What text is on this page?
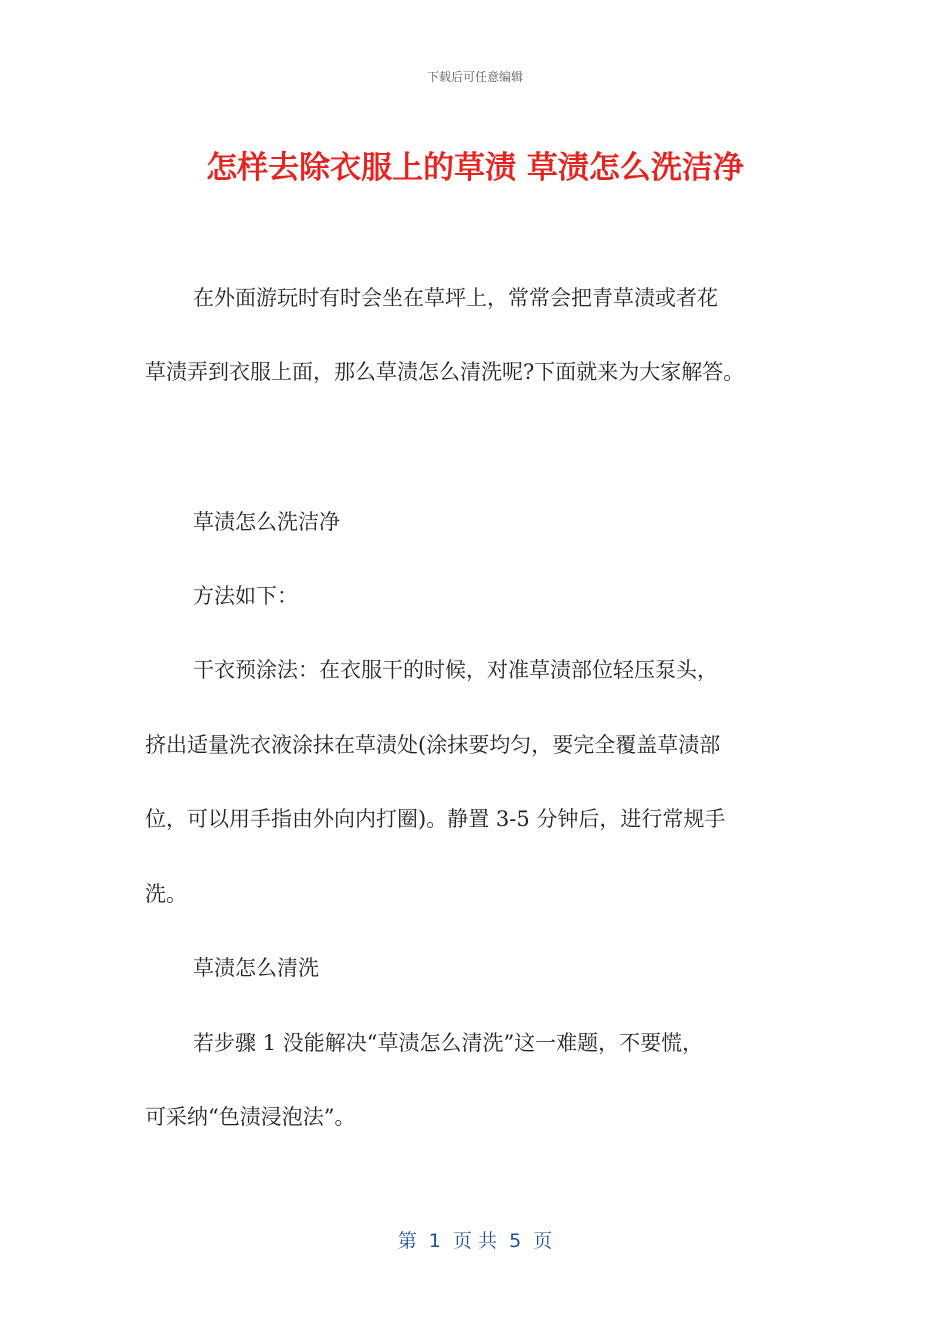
下载后可任意编辑
怎样去除衣服上的草渍 草渍怎么洗洁净
在外面游玩时有时会坐在草坪上，常常会把青草渍或者花
草渍弄到衣服上面，那么草渍怎么清洗呢?下面就来为大家解答。
草渍怎么洗洁净
方法如下：
干衣预涂法：在衣服干的时候，对准草渍部位轻压泵头，
挤出适量洗衣液涂抹在草渍处(涂抹要均匀，要完全覆盖草渍部
位，可以用手指由外向内打圈)。静置 3-5 分钟后，进行常规手
洗。
草渍怎么清洗
若步骤 1 没能解决“草渍怎么清洗”这一难题，不要慌，
可采纳“色渍浸泡法”。
第  1  页 共  5  页
